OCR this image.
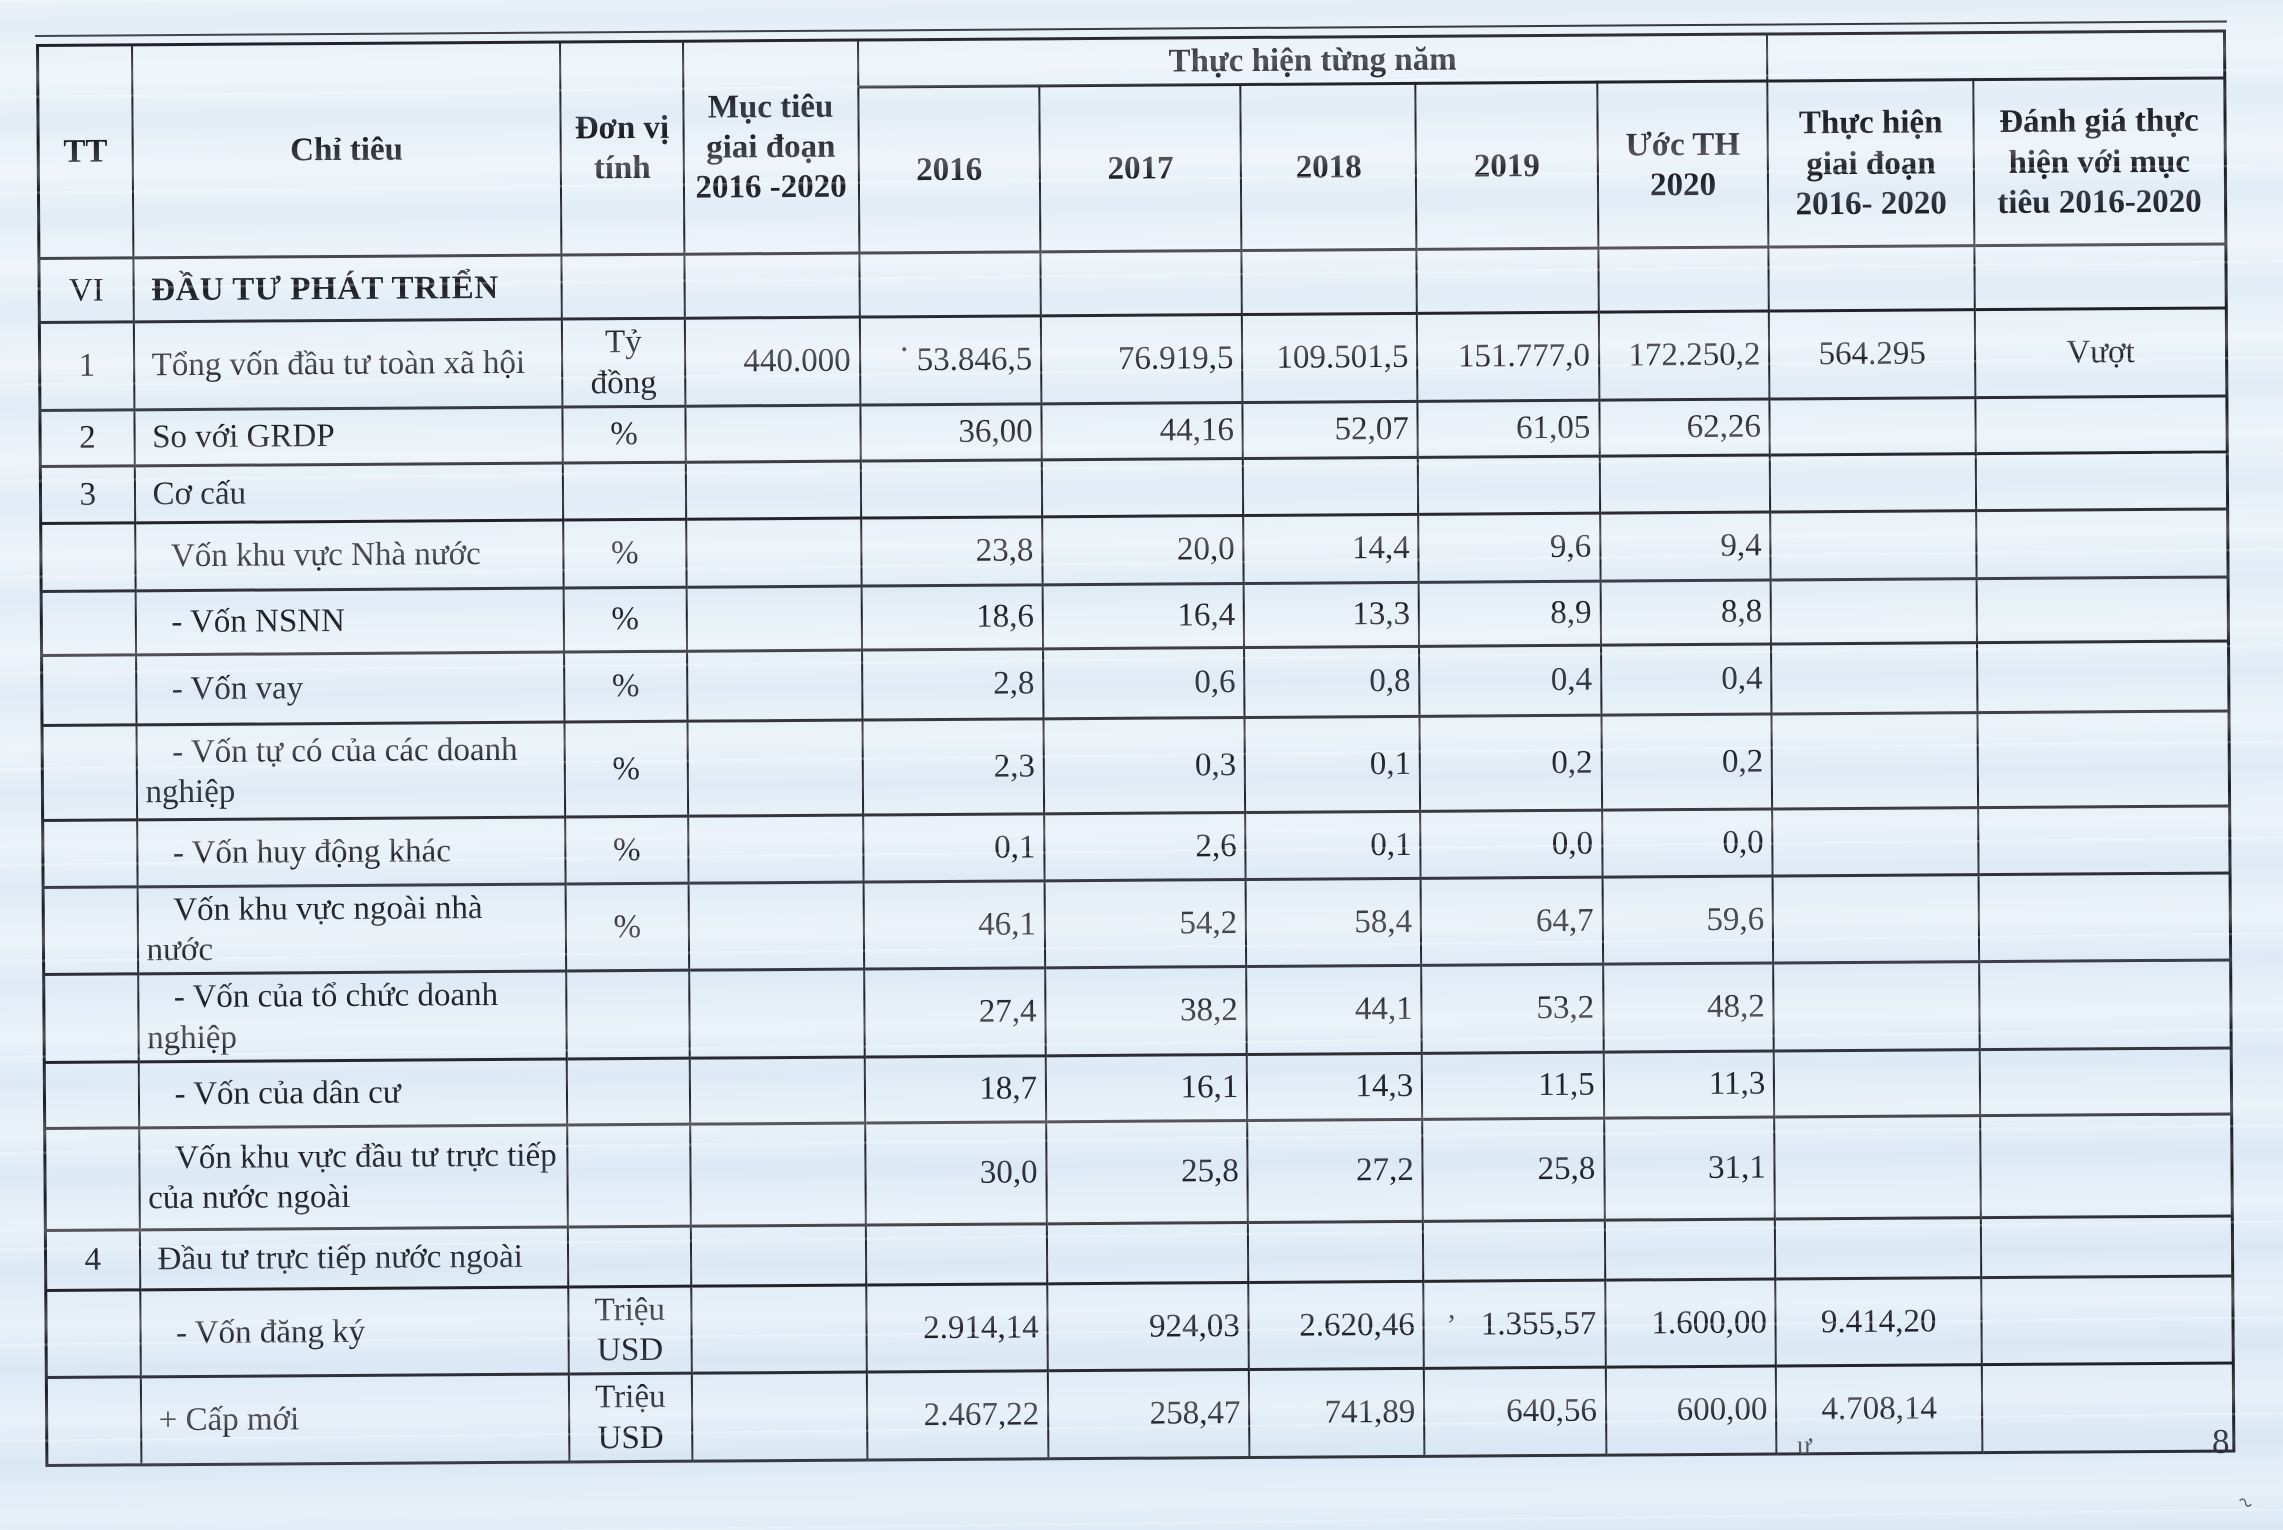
TT	Chỉ tiêu	Đơn vị tính	Mục tiêu giai đoạn 2016 -2020	Thực hiện từng năm						
				2016	2017	2018	2019	Ước TH 2020	Thực hiện giai đoạn 2016- 2020	Đánh giá thực hiện với mục tiêu 2016-2020
VI	ĐẦU TƯ PHÁT TRIỂN									

1	Tổng vốn đầu tư toàn xã hội	Tỷ đồng	440.000	53.846,5	76.919,5	109.501,5	151.777,0	172.250,2	564.295	Vượt
2	So với GRDP	%		36,00	44,16	52,07	61,05	62,26		
3	Cơ cấu									

	Vốn khu vực Nhà nước	%		23,8	20,0	14,4	9,6	9,4		

	- Vốn NSNN	%		18,6	16,4	13,3	8,9	8,8		

	- Vốn vay	%		2,8	0,6	0,8	0,4	0,4		

	- Vốn tự có của các doanh nghiệp	%		2,3	0,3	0,1	0,2	0,2		

	- Vốn huy động khác	%		0,1	2,6	0,1	0,0	0,0		

	Vốn khu vực ngoài nhà nước	%		46,1	54,2	58,4	64,7	59,6		

	- Vốn của tổ chức doanh nghiệp			27,4	38,2	44,1	53,2	48,2		

	- Vốn của dân cư			18,7	16,1	14,3	11,5	11,3		

	Vốn khu vực đầu tư trực tiếp của nước ngoài			30,0	25,8	27,2	25,8	31,1		
4	Đầu tư trực tiếp nước ngoài									

	- Vốn đăng ký	Triệu USD		2.914,14	924,03	2.620,46	1.355,57	1.600,00	9.414,20	

	+ Cấp mới	Triệu USD		2.467,22	258,47	741,89	640,56	600,00	4.708,14	
.
,
ư
~
8
